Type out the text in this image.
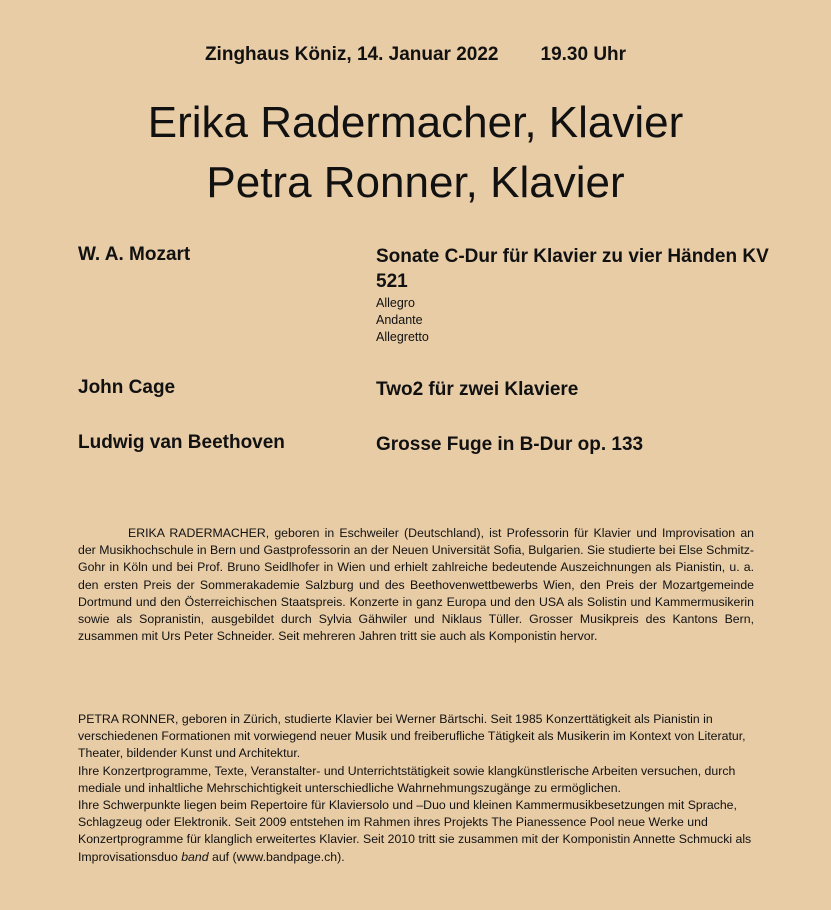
Zinghaus Köniz, 14. Januar 2022 19.30 Uhr
Erika Radermacher, Klavier
Petra Ronner, Klavier
W. A. Mozart	Sonate C-Dur für Klavier zu vier Händen KV 521
Allegro
Andante
Allegretto
John Cage	Two2 für zwei Klaviere
Ludwig van Beethoven	Grosse Fuge in B-Dur op. 133
ERIKA RADERMACHER, geboren in Eschweiler (Deutschland), ist Professorin für Klavier und Improvisation an der Musikhochschule in Bern und Gastprofessorin an der Neuen Universität Sofia, Bulgarien. Sie studierte bei Else Schmitz-Gohr in Köln und bei Prof. Bruno Seidlhofer in Wien und erhielt zahlreiche bedeutende Auszeichnungen als Pianistin, u. a. den ersten Preis der Sommerakademie Salzburg und des Beethovenwettbewerbs Wien, den Preis der Mozartgemeinde Dortmund und den Österreichischen Staatspreis. Konzerte in ganz Europa und den USA als Solistin und Kammermusikerin sowie als Sopranistin, ausgebildet durch Sylvia Gähwiler und Niklaus Tüller. Grosser Musikpreis des Kantons Bern, zusammen mit Urs Peter Schneider. Seit mehreren Jahren tritt sie auch als Komponistin hervor.

PETRA RONNER, geboren in Zürich, studierte Klavier bei Werner Bärtschi. Seit 1985 Konzerttätigkeit als Pianistin in verschiedenen Formationen mit vorwiegend neuer Musik und freiberufliche Tätigkeit als Musikerin im Kontext von Literatur, Theater, bildender Kunst und Architektur.

Ihre Konzertprogramme, Texte, Veranstalter- und Unterrichtstätigkeit sowie klangkünstlerische Arbeiten versuchen, durch mediale und inhaltliche Mehrschichtigkeit unterschiedliche Wahrnehmungszugänge zu ermöglichen.

Ihre Schwerpunkte liegen beim Repertoire für Klaviersolo und –Duo und kleinen Kammermusikbesetzungen mit Sprache, Schlagzeug oder Elektronik. Seit 2009 entstehen im Rahmen ihres Projekts The Pianessence Pool neue Werke und Konzertprogramme für klanglich erweitertes Klavier. Seit 2010 tritt sie zusammen mit der Komponistin Annette Schmucki als Improvisationsduo band auf (www.bandpage.ch).
